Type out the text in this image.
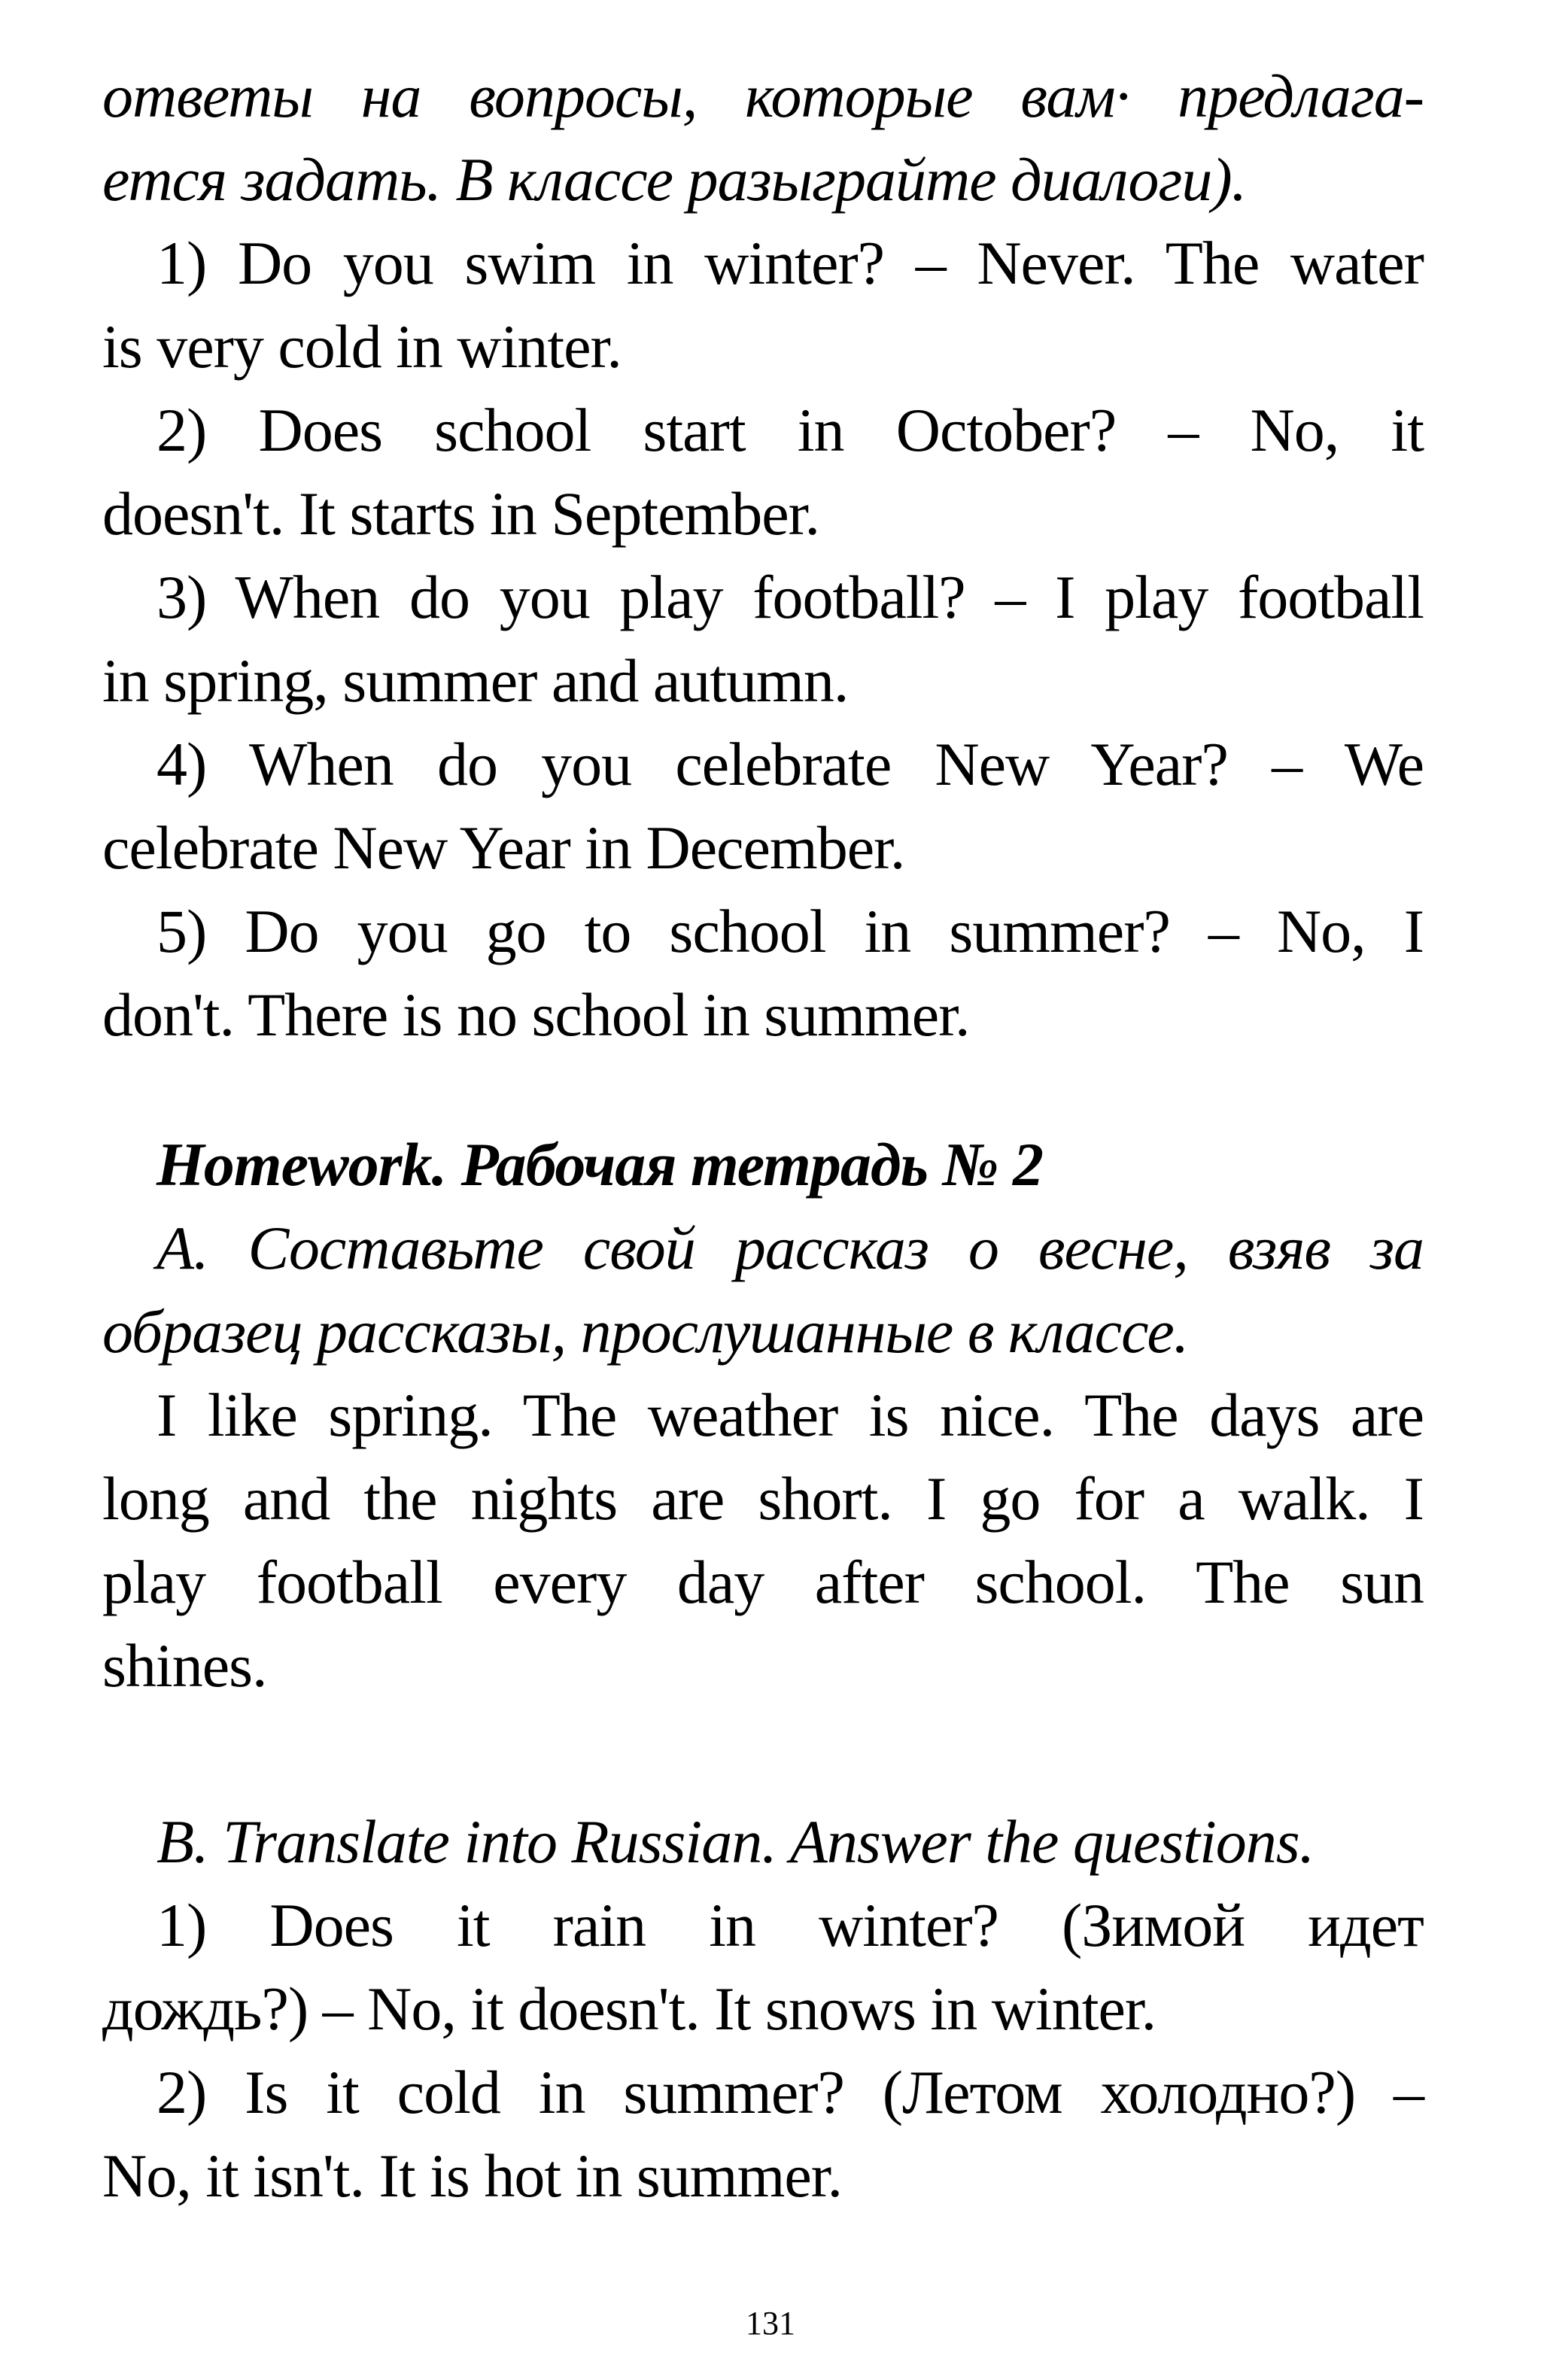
ответы на вопросы, которые вам· предлага-
ется задать. В классе разыграйте диалоги).
1) Do you swim in winter? – Never. The water
is very cold in winter.
2) Does school start in October? – No, it
doesn't. It starts in September.
3) When do you play football? – I play football
in spring, summer and autumn.
4) When do you celebrate New Year? – We
celebrate New Year in December.
5) Do you go to school in summer? – No, I
don't. There is no school in summer.
Homework. Рабочая тетрадь № 2
A. Составьте свой рассказ о весне, взяв за
образец рассказы, прослушанные в классе.
I like spring. The weather is nice. The days are
long and the nights are short. I go for a walk. I
play football every day after school. The sun
shines.
B. Translate into Russian. Answer the questions.
1) Does it rain in winter? (Зимой идет
дождь?) – No, it doesn't. It snows in winter.
2) Is it cold in summer? (Летом холодно?) –
No, it isn't. It is hot in summer.
131
